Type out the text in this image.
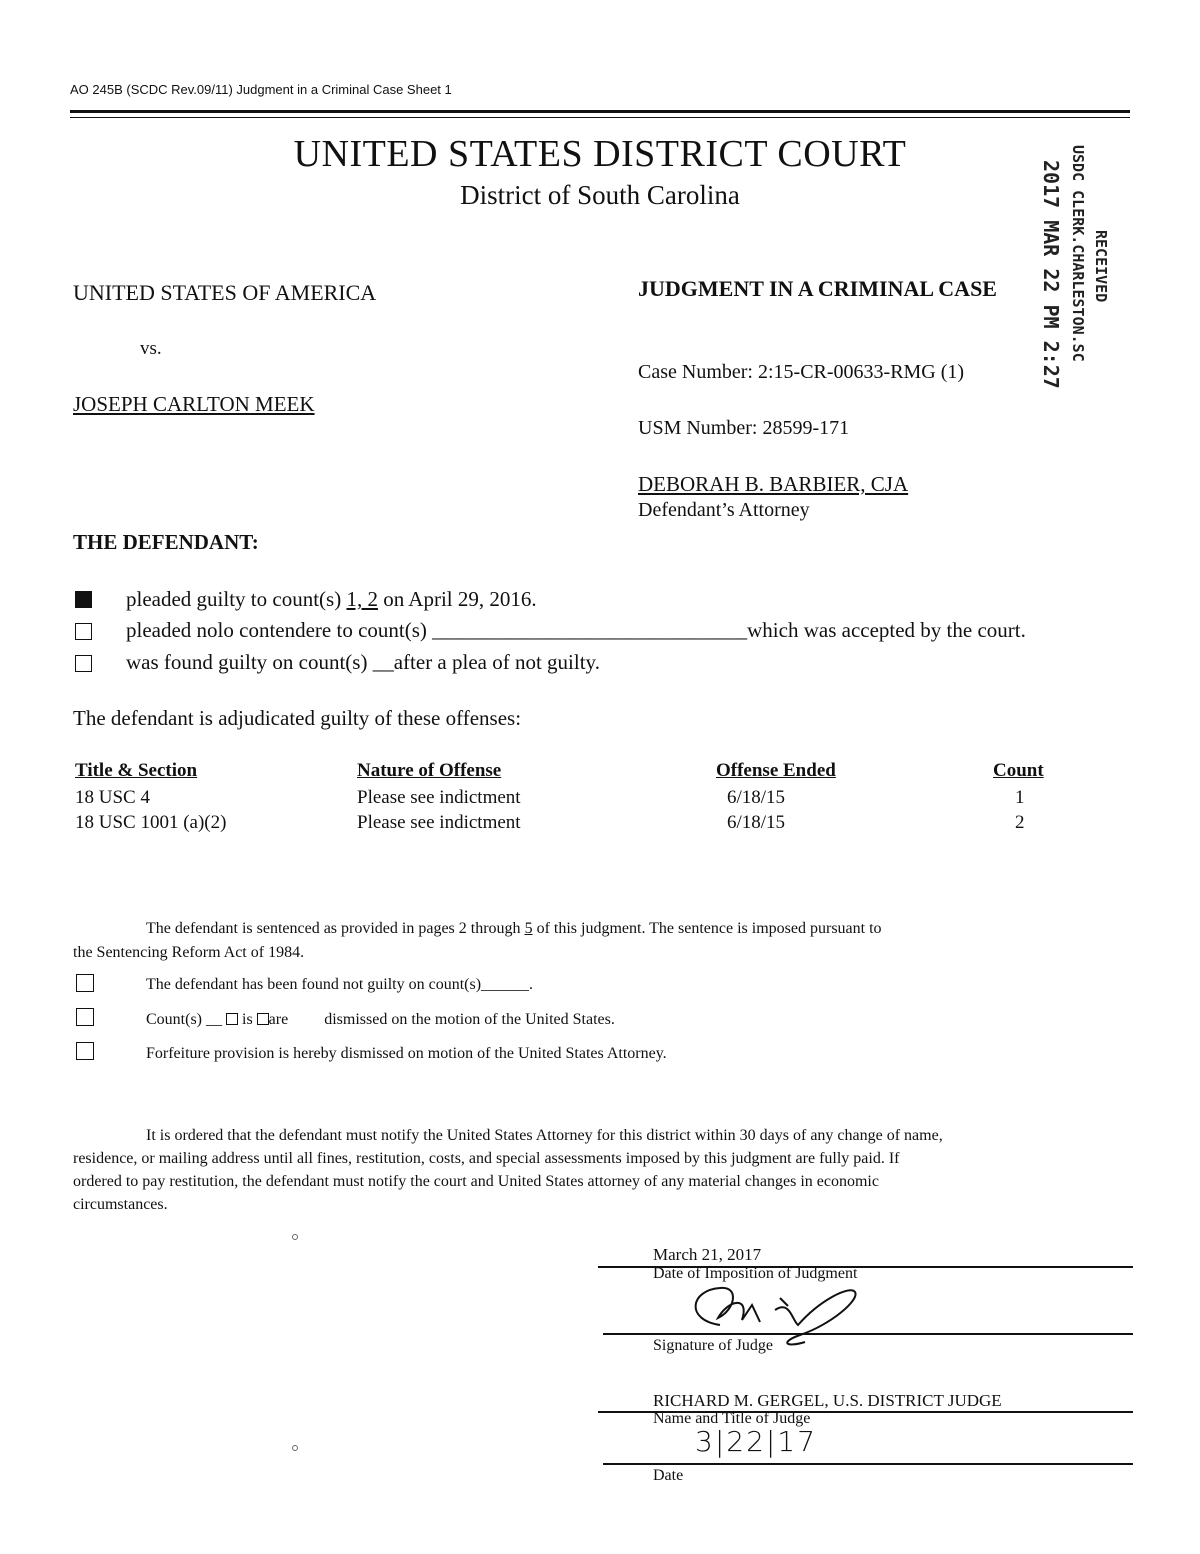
AO 245B (SCDC Rev.09/11) Judgment in a Criminal Case Sheet 1
UNITED STATES DISTRICT COURT
District of South Carolina
RECEIVED
USDC CLERK.CHARLESTON.SC
2017 MAR 22 PM 2:27
UNITED STATES OF AMERICA
vs.
JOSEPH CARLTON MEEK
JUDGMENT IN A CRIMINAL CASE
Case Number: 2:15-CR-00633-RMG (1)
USM Number: 28599-171
DEBORAH B. BARBIER, CJA
Defendant’s Attorney
THE DEFENDANT:
pleaded guilty to count(s) 1, 2 on April 29, 2016.
pleaded nolo contendere to count(s) ______________________________which was accepted by the court.
was found guilty on count(s) __after a plea of not guilty.
The defendant is adjudicated guilty of these offenses:
Title & Section	Nature of Offense	Offense Ended	Count
18 USC 4	Please see indictment	6/18/15	1
18 USC 1001 (a)(2)	Please see indictment	6/18/15	2
The defendant is sentenced as provided in pages 2 through 5 of this judgment. The sentence is imposed pursuant to
the Sentencing Reform Act of 1984.
The defendant has been found not guilty on count(s)______.
Count(s) __ is are dismissed on the motion of the United States.
Forfeiture provision is hereby dismissed on motion of the United States Attorney.
It is ordered that the defendant must notify the United States Attorney for this district within 30 days of any change of name,
residence, or mailing address until all fines, restitution, costs, and special assessments imposed by this judgment are fully paid. If
ordered to pay restitution, the defendant must notify the court and United States attorney of any material changes in economic
circumstances.
March 21, 2017
Date of Imposition of Judgment
Signature of Judge
RICHARD M. GERGEL, U.S. DISTRICT JUDGE
Name and Title of Judge
3|22|17
Date
